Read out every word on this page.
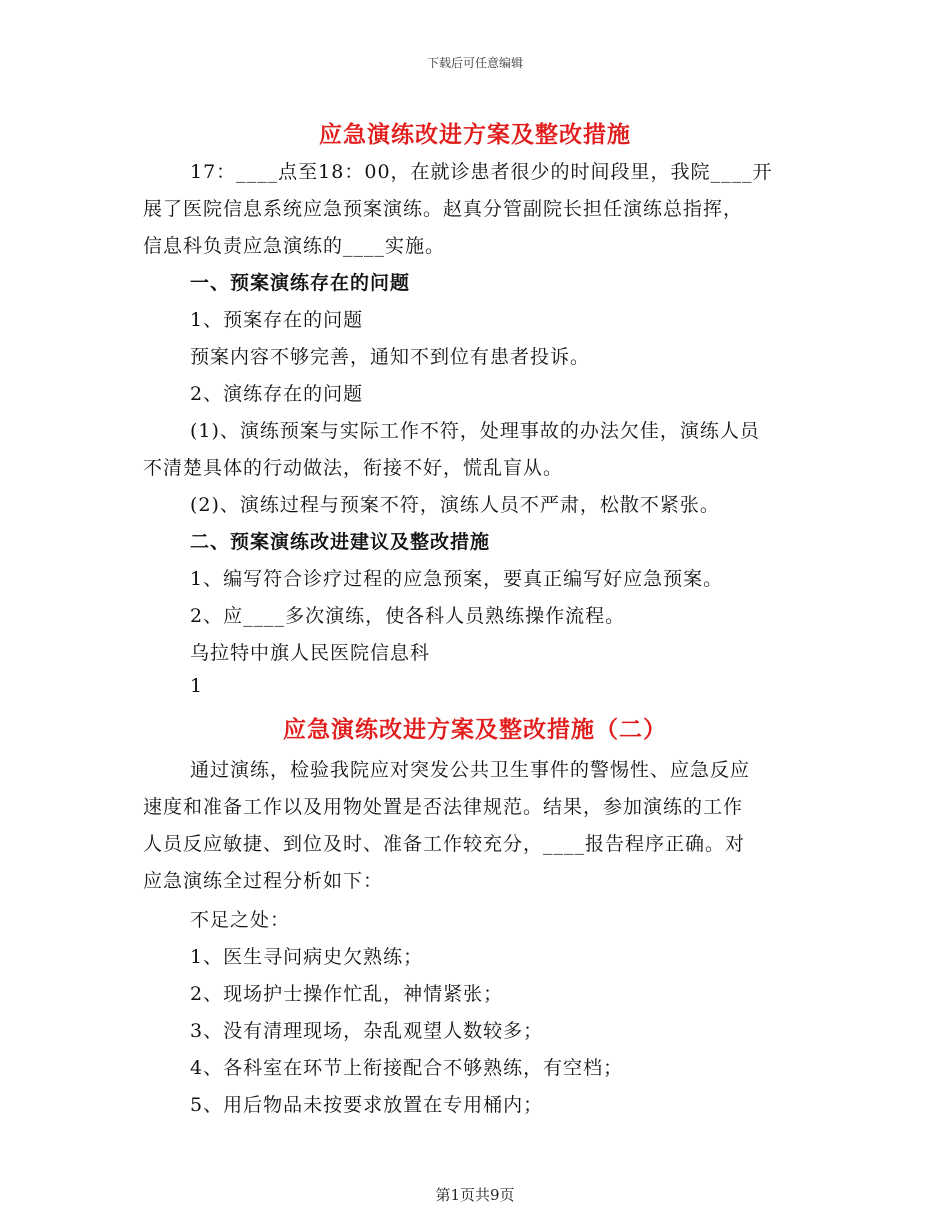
下载后可任意编辑
应急演练改进方案及整改措施
17：____点至18：00，在就诊患者很少的时间段里，我院____开
展了医院信息系统应急预案演练。赵真分管副院长担任演练总指挥，
信息科负责应急演练的____实施。
一、预案演练存在的问题
1、预案存在的问题
预案内容不够完善，通知不到位有患者投诉。
2、演练存在的问题
(1)、演练预案与实际工作不符，处理事故的办法欠佳，演练人员
不清楚具体的行动做法，衔接不好，慌乱盲从。
(2)、演练过程与预案不符，演练人员不严肃，松散不紧张。
二、预案演练改进建议及整改措施
1、编写符合诊疗过程的应急预案，要真正编写好应急预案。
2、应____多次演练，使各科人员熟练操作流程。
乌拉特中旗人民医院信息科
1
应急演练改进方案及整改措施（二）
通过演练，检验我院应对突发公共卫生事件的警惕性、应急反应
速度和准备工作以及用物处置是否法律规范。结果，参加演练的工作
人员反应敏捷、到位及时、准备工作较充分，____报告程序正确。对
应急演练全过程分析如下：
不足之处：
1、医生寻问病史欠熟练；
2、现场护士操作忙乱，神情紧张；
3、没有清理现场，杂乱观望人数较多；
4、各科室在环节上衔接配合不够熟练，有空档；
5、用后物品未按要求放置在专用桶内；
第1页共9页
